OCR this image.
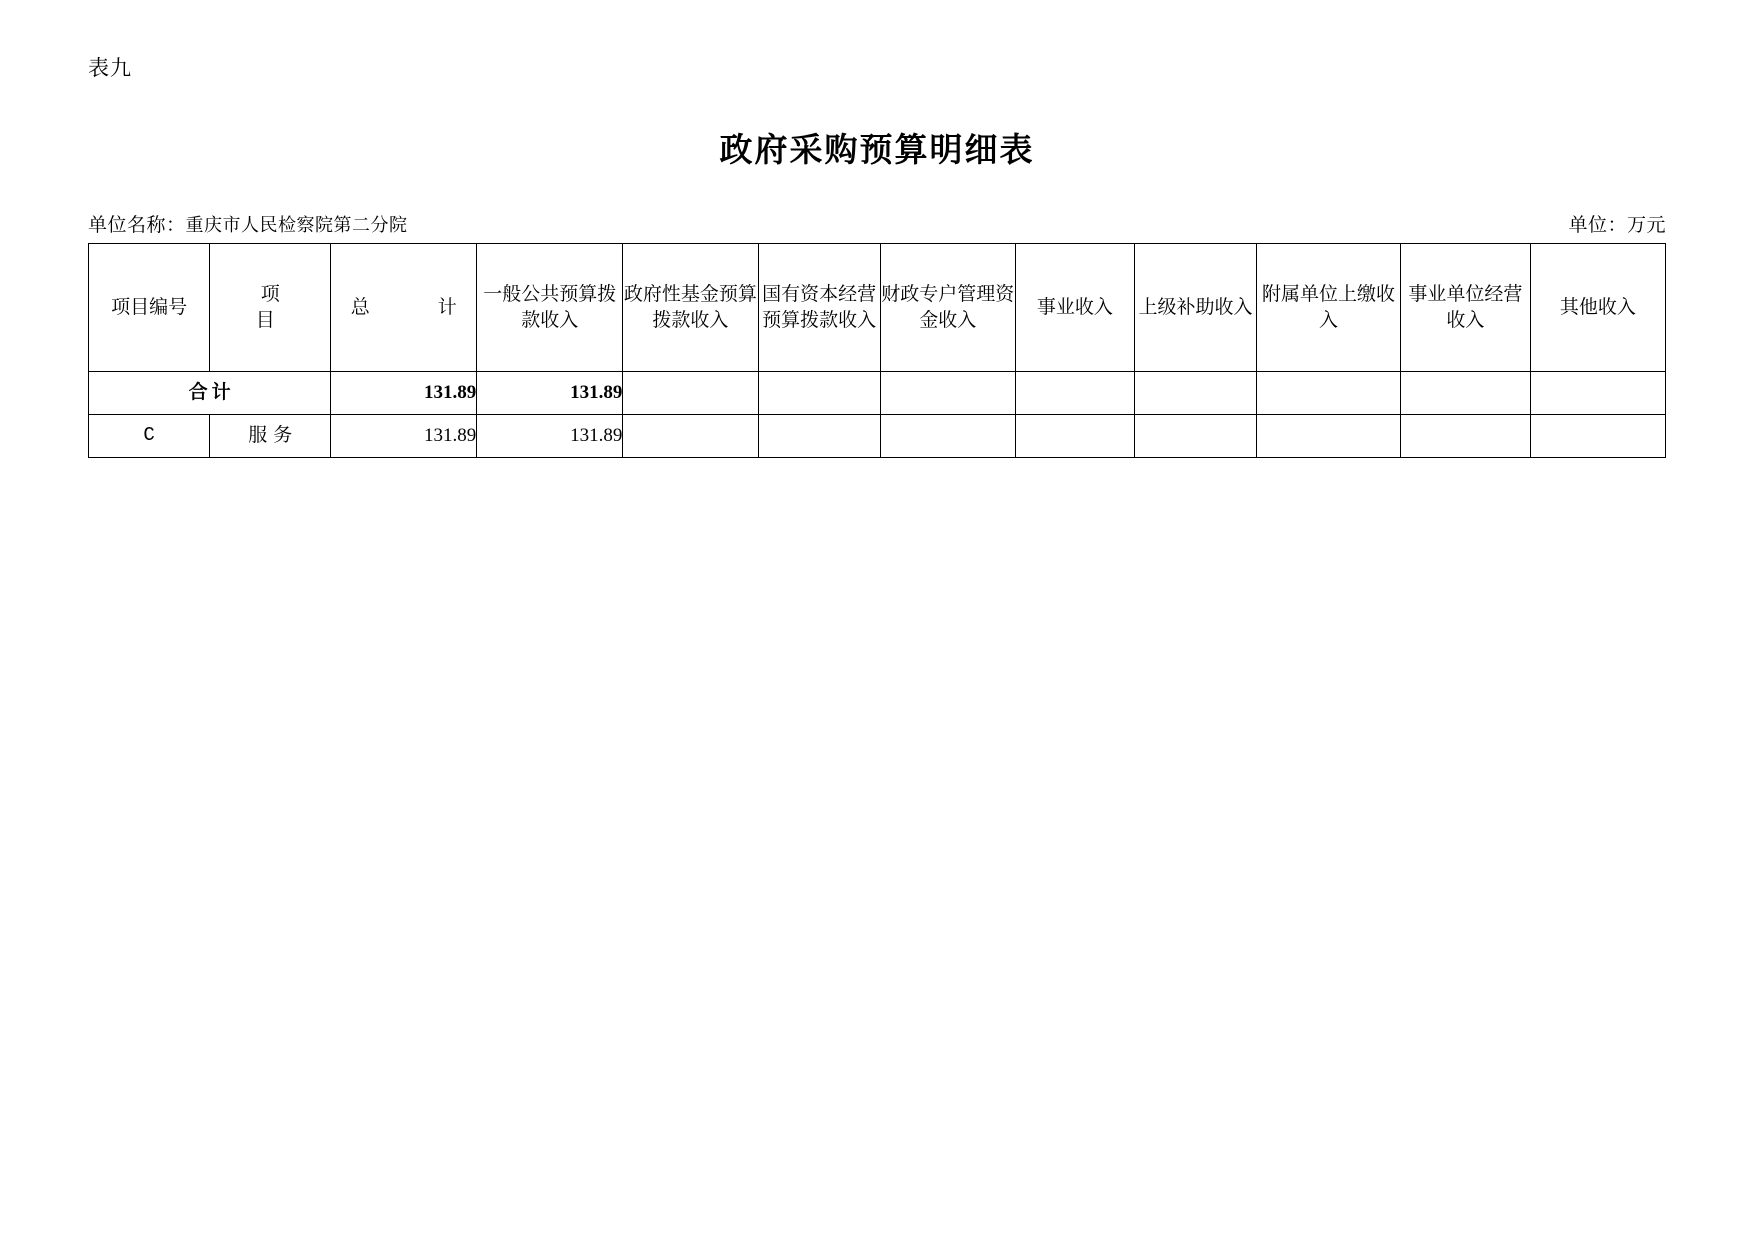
表九
政府采购预算明细表
单位名称：重庆市人民检察院第二分院	单位：万元
项目编号	项　　目	总　　计	一般公共预算拨款收入	政府性基金预算拨款收入	国有资本经营预算拨款收入	财政专户管理资金收入	事业收入	上级补助收入	附属单位上缴收入	事业单位经营收入	其他收入

合计		131.89	131.89								
C	服务	131.89	131.89								
